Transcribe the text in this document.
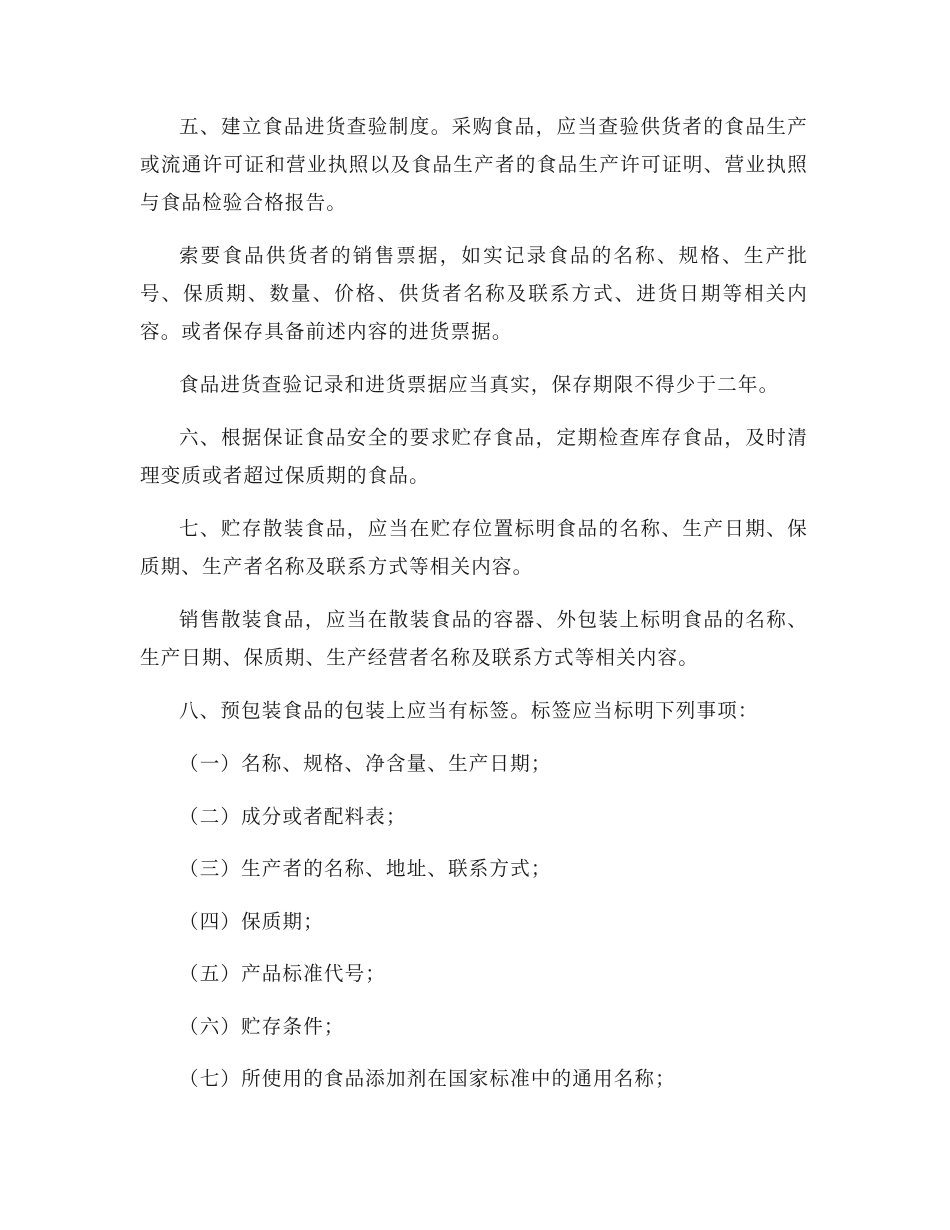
五、建立食品进货查验制度。采购食品，应当查验供货者的食品生产或流通许可证和营业执照以及食品生产者的食品生产许可证明、营业执照与食品检验合格报告。

索要食品供货者的销售票据，如实记录食品的名称、规格、生产批号、保质期、数量、价格、供货者名称及联系方式、进货日期等相关内容。或者保存具备前述内容的进货票据。

食品进货查验记录和进货票据应当真实，保存期限不得少于二年。

六、根据保证食品安全的要求贮存食品，定期检查库存食品，及时清理变质或者超过保质期的食品。

七、贮存散装食品，应当在贮存位置标明食品的名称、生产日期、保质期、生产者名称及联系方式等相关内容。

销售散装食品，应当在散装食品的容器、外包装上标明食品的名称、生产日期、保质期、生产经营者名称及联系方式等相关内容。

八、预包装食品的包装上应当有标签。标签应当标明下列事项：

（一）名称、规格、净含量、生产日期；

（二）成分或者配料表；

（三）生产者的名称、地址、联系方式；

（四）保质期；

（五）产品标准代号；

（六）贮存条件；

（七）所使用的食品添加剂在国家标准中的通用名称；
